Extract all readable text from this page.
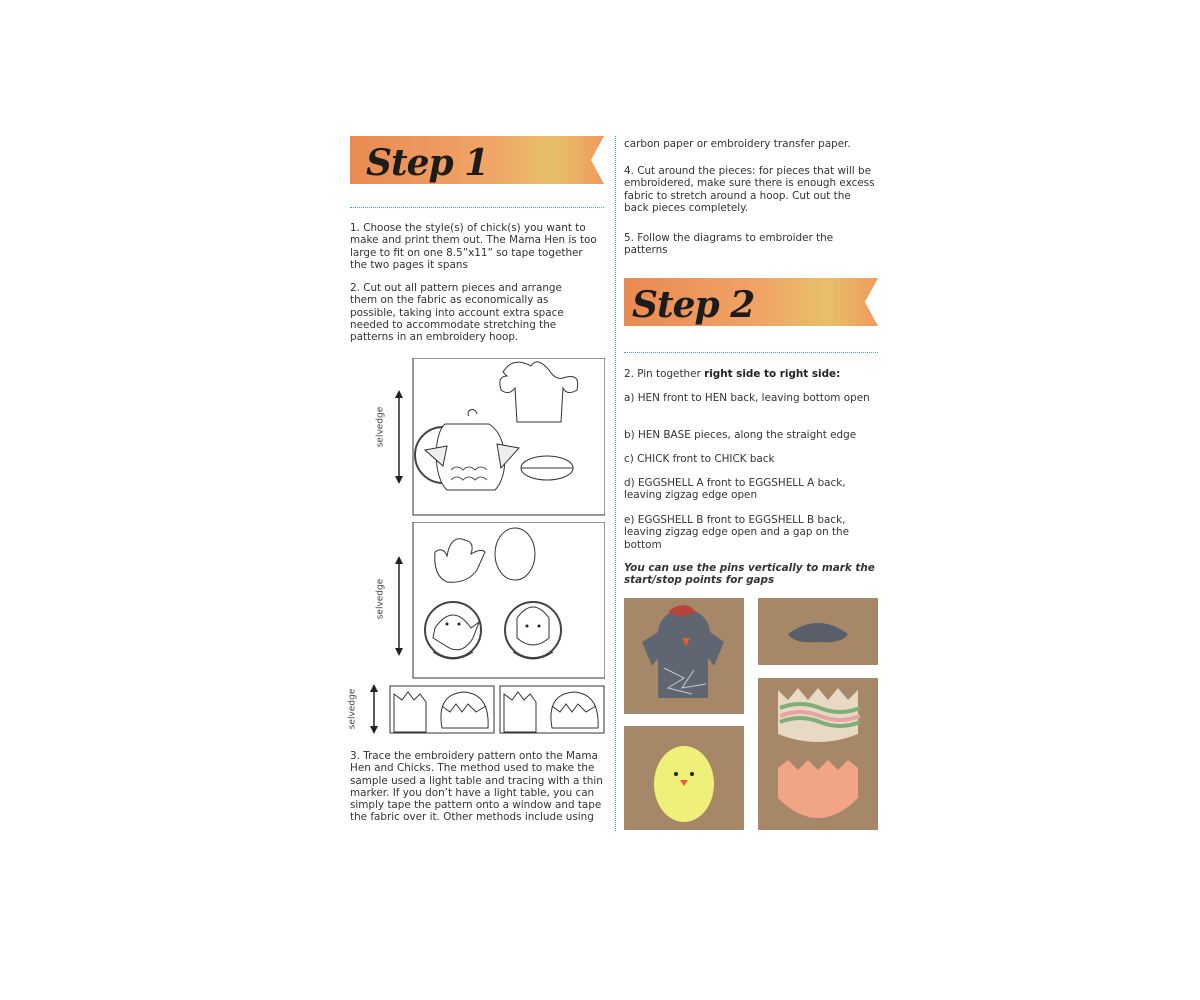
Step 1

1. Choose the style(s) of chick(s) you want to make and print them out. The Mama Hen is too large to fit on one 8.5”x11” so tape together the two pages it spans

2. Cut out all pattern pieces and arrange them on the fabric as economically as possible, taking into account extra space needed to accommodate stretching the patterns in an embroidery hoop.

selvedge
selvedge
selvedge

3. Trace the embroidery pattern onto the Mama Hen and Chicks. The method used to make the sample used a light table and tracing with a thin marker. If you don’t have a light table, you can simply tape the pattern onto a window and tape the fabric over it. Other methods include using

carbon paper or embroidery transfer paper.

4. Cut around the pieces: for pieces that will be embroidered, make sure there is enough excess fabric to stretch around a hoop. Cut out the back pieces completely.

5. Follow the diagrams to embroider the patterns

Step 2

2. Pin together right side to right side:

a) HEN front to HEN back, leaving bottom open

b) HEN BASE pieces, along the straight edge

c) CHICK front to CHICK back

d) EGGSHELL A front to EGGSHELL A back, leaving zigzag edge open

e) EGGSHELL B front to EGGSHELL B back, leaving zigzag edge open and a gap on the bottom

You can use the pins vertically to mark the start/stop points for gaps
